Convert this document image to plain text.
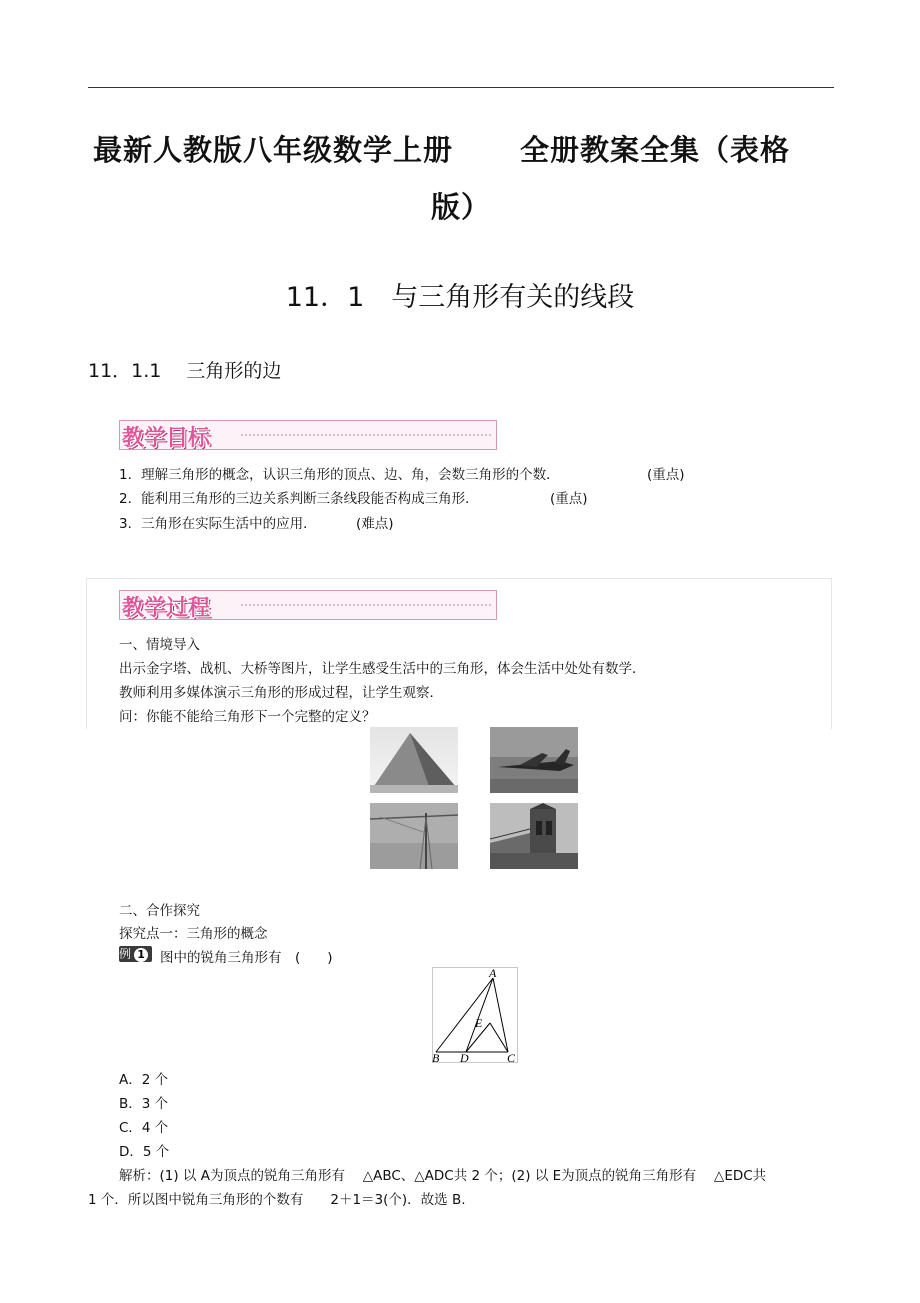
最新人教版八年级数学上册 全册教案全集（表格
版）
11．1　与三角形有关的线段
11．1.1　 三角形的边
教学目标
1．理解三角形的概念，认识三角形的顶点、边、角，会数三角形的个数．	(重点)
2．能利用三角形的三边关系判断三条线段能否构成三角形．	(重点)
3．三角形在实际生活中的应用．	(难点)
教学过程
一、情境导入
出示金字塔、战机、大桥等图片，让学生感受生活中的三角形，体会生活中处处有数学．
教师利用多媒体演示三角形的形成过程，让学生观察．
问：你能不能给三角形下一个完整的定义？
二、合作探究
探究点一：三角形的概念
例 1	图中的锐角三角形有　(　　)
A
B D	C
E
A．2 个
B．3 个
C．4 个
D．5 个
解析：(1) 以 A为顶点的锐角三角形有　 △ABC、△ADC共 2 个；(2) 以 E为顶点的锐角三角形有　 △EDC共
1 个．所以图中锐角三角形的个数有　　2＋1＝3(个)．故选 B.
